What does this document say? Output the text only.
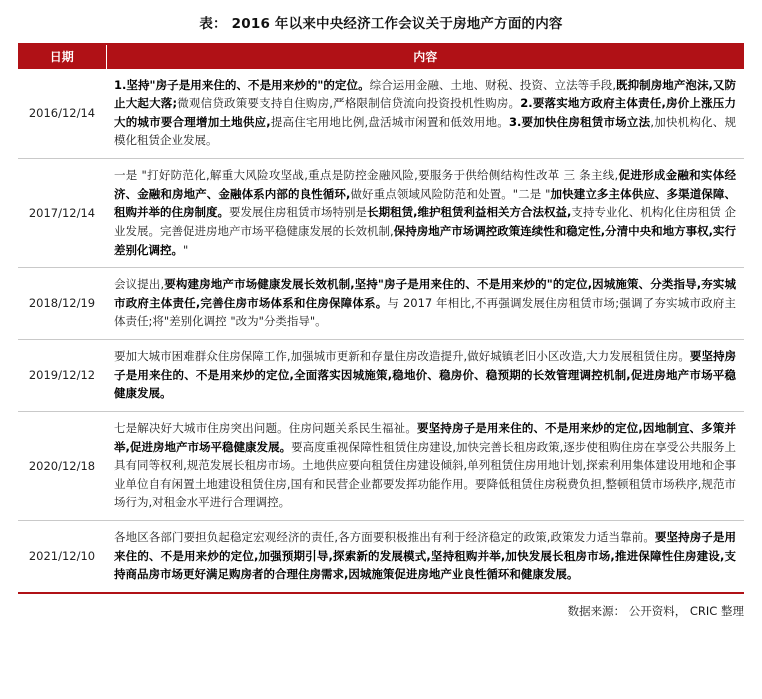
表： 2016 年以来中央经济工作会议关于房地产方面的内容
日期	内容
2016/12/14	1.坚持"房子是用来住的、不是用来炒的"的定位。综合运用金融、土地、财税、投资、立法等手段,既抑制房地产泡沫,又防止大起大落;微观信贷政策要支持自住购房,严格限制信贷流向投资投机性购房。2.要落实地方政府主体责任,房价上涨压力大的城市要合理增加土地供应,提高住宅用地比例,盘活城市闲置和低效用地。3.要加快住房租赁市场立法,加快机构化、规模化租赁企业发展。
2017/12/14	一是 "打好防范化,解重大风险攻坚战,重点是防控金融风险,要服务于供给侧结构性改革 三 条主线,促进形成金融和实体经济、金融和房地产、金融体系内部的良性循环,做好重点领域风险防范和处置。"二是 "加快建立多主体供应、多渠道保障、租购并举的住房制度。要发展住房租赁市场特别是长期租赁,维护租赁利益相关方合法权益,支持专业化、机构化住房租赁 企业发展。完善促进房地产市场平稳健康发展的长效机制,保持房地产市场调控政策连续性和稳定性,分清中央和地方事权,实行差别化调控。"
2018/12/19	会议提出,要构建房地产市场健康发展长效机制,坚持"房子是用来住的、不是用来炒的"的定位,因城施策、分类指导,夯实城市政府主体责任,完善住房市场体系和住房保障体系。与 2017 年相比,不再强调发展住房租赁市场;强调了夯实城市政府主体责任;将"差别化调控 "改为"分类指导"。
2019/12/12	要加大城市困难群众住房保障工作,加强城市更新和存量住房改造提升,做好城镇老旧小区改造,大力发展租赁住房。要坚持房子是用来住的、不是用来炒的定位,全面落实因城施策,稳地价、稳房价、稳预期的长效管理调控机制,促进房地产市场平稳健康发展。
2020/12/18	七是解决好大城市住房突出问题。住房问题关系民生福祉。要坚持房子是用来住的、不是用来炒的定位,因地制宜、多策并举,促进房地产市场平稳健康发展。要高度重视保障性租赁住房建设,加快完善长租房政策,逐步使租购住房在享受公共服务上具有同等权利,规范发展长租房市场。土地供应要向租赁住房建设倾斜,单列租赁住房用地计划,探索利用集体建设用地和企事业单位自有闲置土地建设租赁住房,国有和民营企业都要发挥功能作用。要降低租赁住房税费负担,整顿租赁市场秩序,规范市场行为,对租金水平进行合理调控。
2021/12/10	各地区各部门要担负起稳定宏观经济的责任,各方面要积极推出有利于经济稳定的政策,政策发力适当靠前。要坚持房子是用来住的、不是用来炒的定位,加强预期引导,探索新的发展模式,坚持租购并举,加快发展长租房市场,推进保障性住房建设,支持商品房市场更好满足购房者的合理住房需求,因城施策促进房地产业良性循环和健康发展。
数据来源： 公开资料， CRIC 整理
